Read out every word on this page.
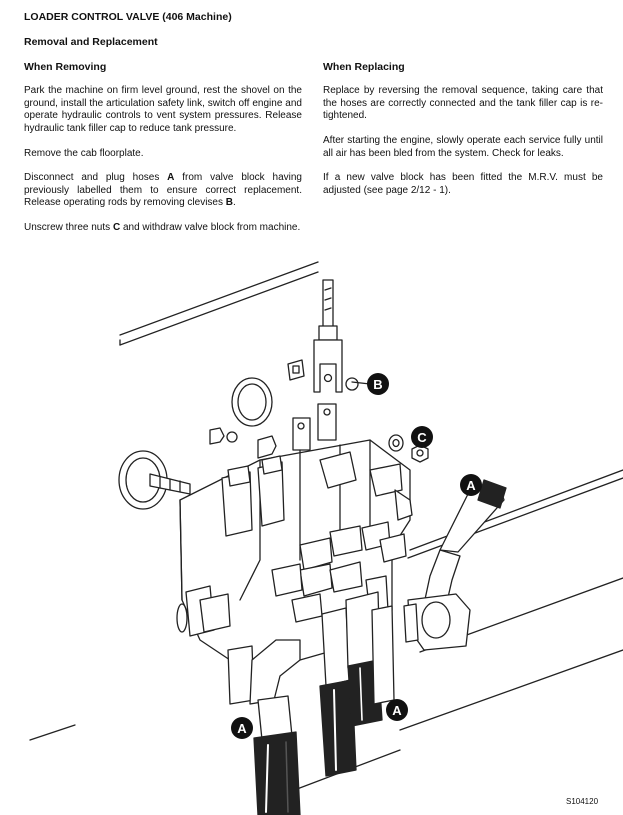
LOADER CONTROL VALVE (406 Machine)
Removal and Replacement
When Removing

Park the machine on firm level ground, rest the shovel on the ground, install the articulation safety link, switch off engine and operate hydraulic controls to vent system pressures. Release hydraulic tank filler cap to reduce tank pressure.

Remove the cab floorplate.

Disconnect and plug hoses A from valve block having previously labelled them to ensure correct replacement. Release operating rods by removing clevises B.

Unscrew three nuts C and withdraw valve block from machine.

When Replacing

Replace by reversing the removal sequence, taking care that the hoses are correctly connected and the tank filler cap is re-tightened.

After starting the engine, slowly operate each service fully until all air has been bled from the system. Check for leaks.

If a new valve block has been fitted the M.R.V. must be adjusted (see page 2/12 - 1).

B
C
A
A
A
S104120
